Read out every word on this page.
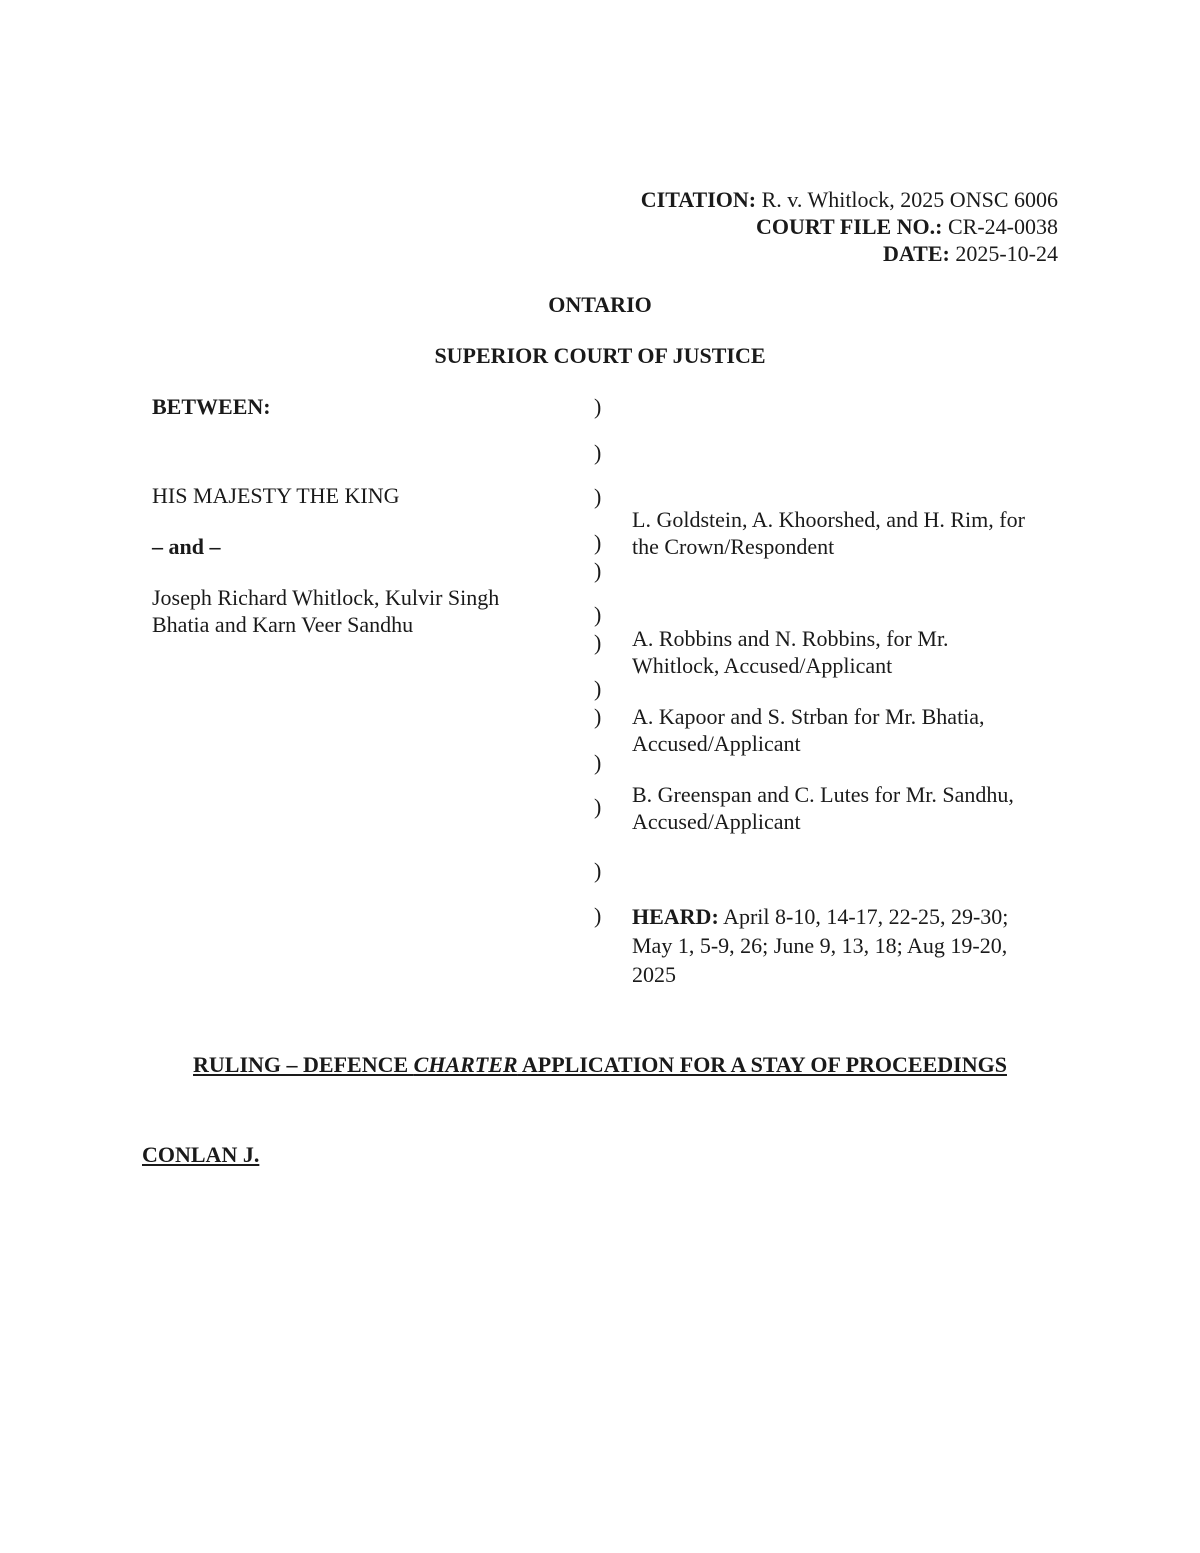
CITATION: R. v. Whitlock, 2025 ONSC 6006
COURT FILE NO.: CR-24-0038
DATE: 2025-10-24
ONTARIO
SUPERIOR COURT OF JUSTICE
BETWEEN:
HIS MAJESTY THE KING
– and –
Joseph Richard Whitlock, Kulvir Singh
Bhatia and Karn Veer Sandhu
)
)
)
)
)
)
)
)
)
)
)
)
)
L. Goldstein, A. Khoorshed, and H. Rim, for
the Crown/Respondent
A. Robbins and N. Robbins, for Mr.
Whitlock, Accused/Applicant
A. Kapoor and S. Strban for Mr. Bhatia,
Accused/Applicant
B. Greenspan and C. Lutes for Mr. Sandhu,
Accused/Applicant
HEARD: April 8-10, 14-17, 22-25, 29-30;
May 1, 5-9, 26; June 9, 13, 18; Aug 19-20,
2025
RULING – DEFENCE CHARTER APPLICATION FOR A STAY OF PROCEEDINGS
CONLAN J.
